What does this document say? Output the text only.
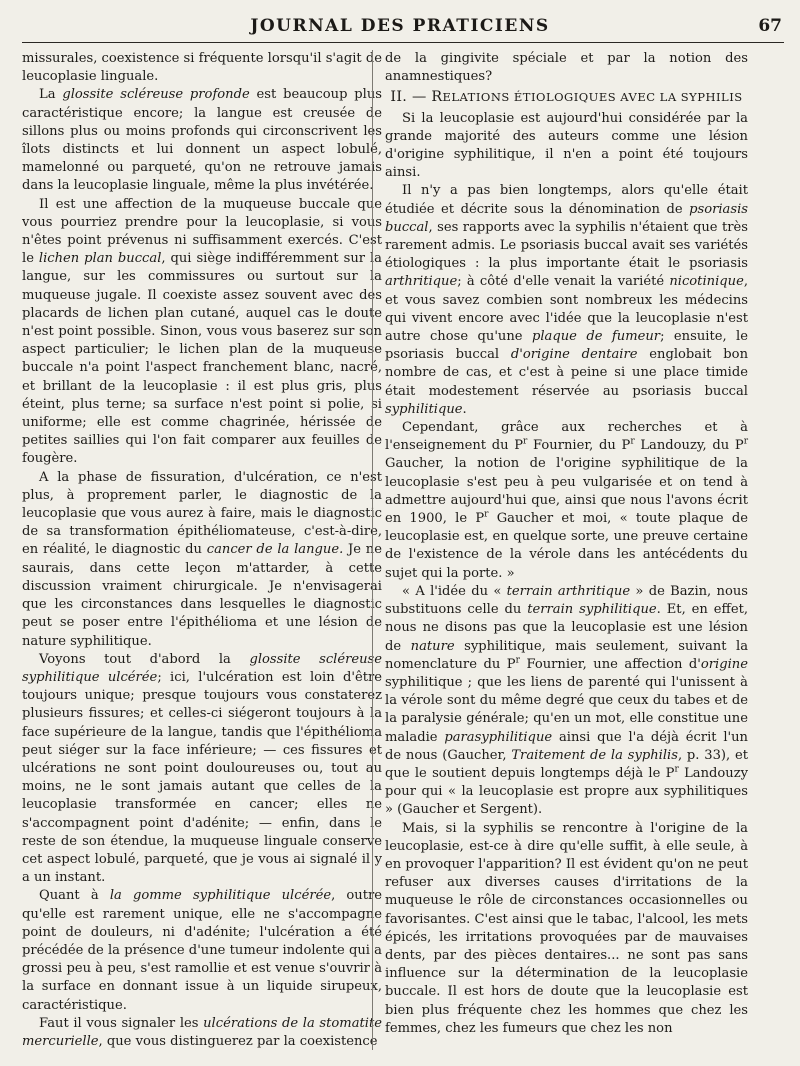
JOURNAL DES PRATICIENS	67

missurales, coexistence si fréquente lorsqu'il s'agit de leucoplasie linguale.

La glossite scléreuse profonde est beaucoup plus caractéristique encore; la langue est creusée de sillons plus ou moins profonds qui circonscrivent les îlots distincts et lui donnent un aspect lobulé, mamelonné ou parqueté, qu'on ne retrouve jamais dans la leucoplasie linguale, même la plus invétérée.

Il est une affection de la muqueuse buccale que vous pourriez prendre pour la leucoplasie, si vous n'êtes point prévenus ni suffisamment exercés. C'est le lichen plan buccal, qui siège indifféremment sur la langue, sur les commissures ou surtout sur la muqueuse jugale. Il coexiste assez souvent avec des placards de lichen plan cutané, auquel cas le doute n'est point possible. Sinon, vous vous baserez sur son aspect particulier; le lichen plan de la muqueuse buccale n'a point l'aspect franchement blanc, nacré, et brillant de la leucoplasie : il est plus gris, plus éteint, plus terne; sa surface n'est point si polie, si uniforme; elle est comme chagrinée, hérissée de petites saillies qui l'on fait comparer aux feuilles de fougère.

A la phase de fissuration, d'ulcération, ce n'est plus, à proprement parler, le diagnostic de la leucoplasie que vous aurez à faire, mais le diagnostic de sa transformation épithéliomateuse, c'est-à-dire, en réalité, le diagnostic du cancer de la langue. Je ne saurais, dans cette leçon m'attarder, à cette discussion vraiment chirurgicale. Je n'envisagerai que les circonstances dans lesquelles le diagnostic peut se poser entre l'épithélioma et une lésion de nature syphilitique.

Voyons tout d'abord la glossite scléreuse syphilitique ulcérée; ici, l'ulcération est loin d'être toujours unique; presque toujours vous constaterez plusieurs fissures; et celles-ci siégeront toujours à la face supérieure de la langue, tandis que l'épithélioma peut siéger sur la face inférieure; — ces fissures et ulcérations ne sont point douloureuses ou, tout au moins, ne le sont jamais autant que celles de la leucoplasie transformée en cancer; elles ne s'accompagnent point d'adénite; — enfin, dans le reste de son étendue, la muqueuse linguale conserve cet aspect lobulé, parqueté, que je vous ai signalé il y a un instant.

Quant à la gomme syphilitique ulcérée, outre qu'elle est rarement unique, elle ne s'accompagne point de douleurs, ni d'adénite; l'ulcération a été précédée de la présence d'une tumeur indolente qui a grossi peu à peu, s'est ramollie et est venue s'ouvrir à la surface en donnant issue à un liquide sirupeux, caractéristique.

Faut il vous signaler les ulcérations de la stomatite mercurielle, que vous distinguerez par la coexistence

de la gingivite spéciale et par la notion des anamnestiques?

II. — RELATIONS ÉTIOLOGIQUES AVEC LA SYPHILIS

Si la leucoplasie est aujourd'hui considérée par la grande majorité des auteurs comme une lésion d'origine syphilitique, il n'en a point été toujours ainsi.

Il n'y a pas bien longtemps, alors qu'elle était étudiée et décrite sous la dénomination de psoriasis buccal, ses rapports avec la syphilis n'étaient que très rarement admis. Le psoriasis buccal avait ses variétés étiologiques : la plus importante était le psoriasis arthritique; à côté d'elle venait la variété nicotinique, et vous savez combien sont nombreux les médecins qui vivent encore avec l'idée que la leucoplasie n'est autre chose qu'une plaque de fumeur; ensuite, le psoriasis buccal d'origine dentaire englobait bon nombre de cas, et c'est à peine si une place timide était modestement réservée au psoriasis buccal syphilitique.

Cependant, grâce aux recherches et à l'enseignement du $P^r$ Fournier, du $P^r$ Landouzy, du $P^r$ Gaucher, la notion de l'origine syphilitique de la leucoplasie s'est peu à peu vulgarisée et on tend à admettre aujourd'hui que, ainsi que nous l'avons écrit en 1900, le $P^r$ Gaucher et moi, « toute plaque de leucoplasie est, en quelque sorte, une preuve certaine de l'existence de la vérole dans les antécédents du sujet qui la porte. »

« A l'idée du « terrain arthritique » de Bazin, nous substituons celle du terrain syphilitique. Et, en effet, nous ne disons pas que la leucoplasie est une lésion de nature syphilitique, mais seulement, suivant la nomenclature du $P^r$ Fournier, une affection d'origine syphilitique ; que les liens de parenté qui l'unissent à la vérole sont du même degré que ceux du tabes et de la paralysie générale; qu'en un mot, elle constitue une maladie parasyphilitique ainsi que l'a déjà écrit l'un de nous (Gaucher, Traitement de la syphilis, p. 33), et que le soutient depuis longtemps déjà le $P^r$ Landouzy pour qui « la leucoplasie est propre aux syphilitiques » (Gaucher et Sergent).

Mais, si la syphilis se rencontre à l'origine de la leucoplasie, est-ce à dire qu'elle suffit, à elle seule, à en provoquer l'apparition? Il est évident qu'on ne peut refuser aux diverses causes d'irritations de la muqueuse le rôle de circonstances occasionnelles ou favorisantes. C'est ainsi que le tabac, l'alcool, les mets épicés, les irritations provoquées par de mauvaises dents, par des pièces dentaires... ne sont pas sans influence sur la détermination de la leucoplasie buccale. Il est hors de doute que la leucoplasie est bien plus fréquente chez les hommes que chez les femmes, chez les fumeurs que chez les non
